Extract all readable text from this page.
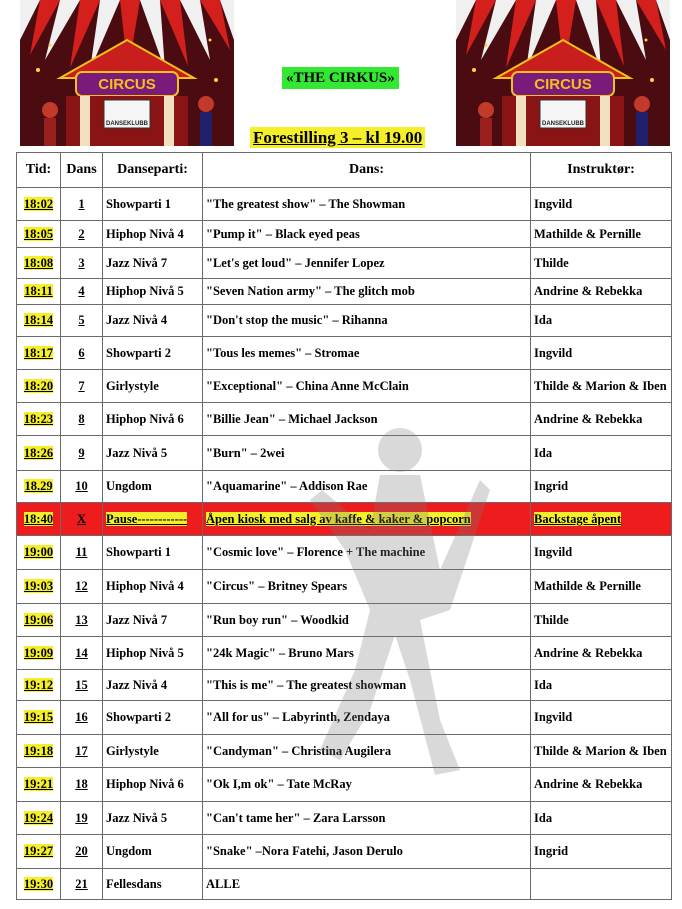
CIRCUS
DANSEKLUBB
CIRCUS
DANSEKLUBB
«THE CIRKUS»
Forestilling 3 – kl 19.00
Tid:	Dans	Danseparti:	Dans:	Instruktør:
18:02	1	Showparti 1	"The greatest show" – The Showman	Ingvild
18:05	2	Hiphop Nivå 4	"Pump it" – Black eyed peas	Mathilde & Pernille
18:08	3	Jazz Nivå 7	"Let's get loud" – Jennifer Lopez	Thilde
18:11	4	Hiphop Nivå 5	"Seven Nation army" – The glitch mob	Andrine & Rebekka
18:14	5	Jazz Nivå 4	"Don't stop the music" – Rihanna	Ida
18:17	6	Showparti 2	"Tous les memes" – Stromae	Ingvild
18:20	7	Girlystyle	"Exceptional" – China Anne McClain	Thilde & Marion & Iben
18:23	8	Hiphop Nivå 6	"Billie Jean" – Michael Jackson	Andrine & Rebekka
18:26	9	Jazz Nivå 5	"Burn" – 2wei	Ida
18.29	10	Ungdom	"Aquamarine" – Addison Rae	Ingrid
18:40	X	Pause------------	Åpen kiosk med salg av kaffe & kaker & popcorn	Backstage åpent
19:00	11	Showparti 1	"Cosmic love" – Florence + The machine	Ingvild
19:03	12	Hiphop Nivå 4	"Circus" – Britney Spears	Mathilde & Pernille
19:06	13	Jazz Nivå 7	"Run boy run" – Woodkid	Thilde
19:09	14	Hiphop Nivå 5	"24k Magic" – Bruno Mars	Andrine & Rebekka
19:12	15	Jazz Nivå 4	"This is me" – The greatest showman	Ida
19:15	16	Showparti 2	"All for us" – Labyrinth, Zendaya	Ingvild
19:18	17	Girlystyle	"Candyman" – Christina Augilera	Thilde & Marion & Iben
19:21	18	Hiphop Nivå 6	"Ok I,m ok" – Tate McRay	Andrine & Rebekka
19:24	19	Jazz Nivå 5	"Can't tame her" – Zara Larsson	Ida
19:27	20	Ungdom	"Snake" –Nora Fatehi, Jason Derulo	Ingrid
19:30	21	Fellesdans	ALLE	
